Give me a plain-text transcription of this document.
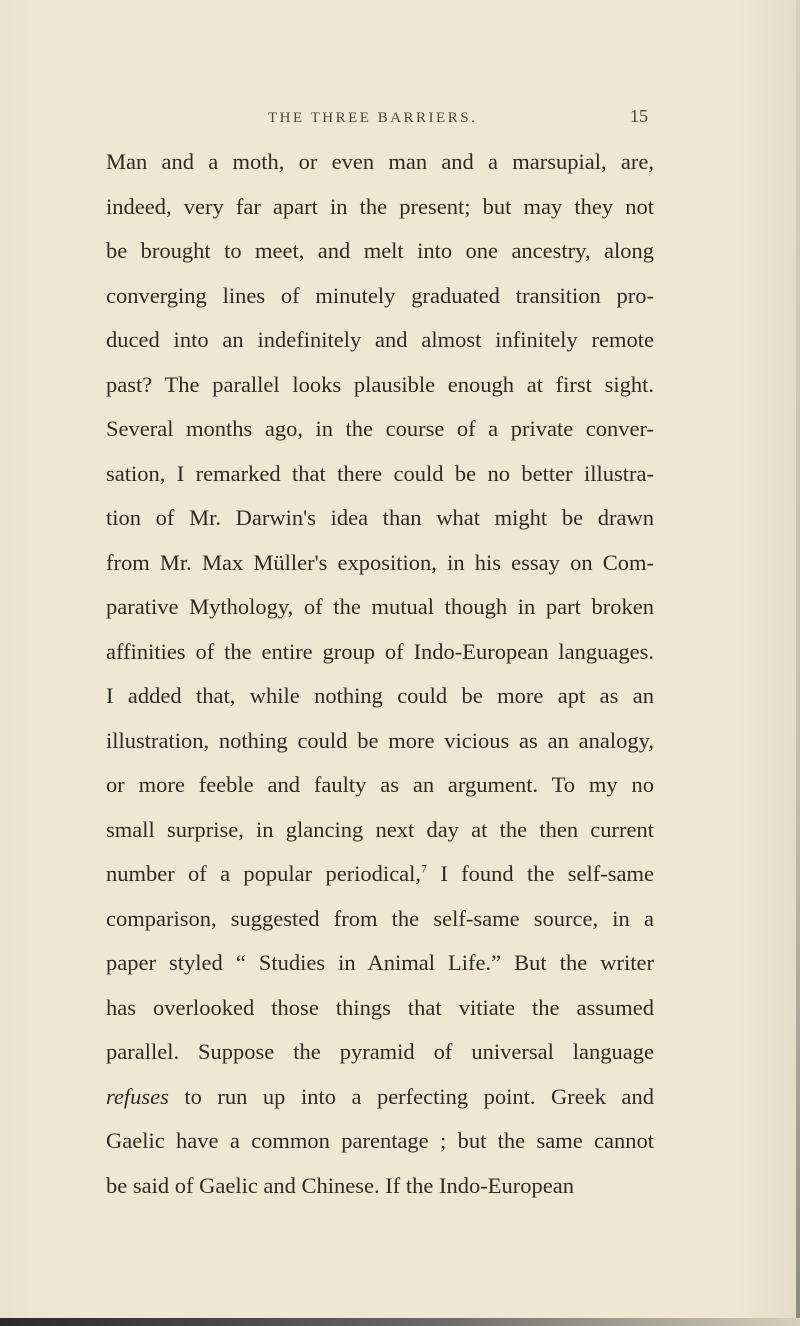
THE THREE BARRIERS.	15
Man and a moth, or even man and a marsupial, are,
indeed, very far apart in the present; but may they not
be brought to meet, and melt into one ancestry, along
converging lines of minutely graduated transition pro-
duced into an indefinitely and almost infinitely remote
past? The parallel looks plausible enough at first sight.
Several months ago, in the course of a private conver-
sation, I remarked that there could be no better illustra-
tion of Mr. Darwin's idea than what might be drawn
from Mr. Max Müller's exposition, in his essay on Com-
parative Mythology, of the mutual though in part broken
affinities of the entire group of Indo-European languages.
I added that, while nothing could be more apt as an
illustration, nothing could be more vicious as an analogy,
or more feeble and faulty as an argument. To my no
small surprise, in glancing next day at the then current
number of a popular periodical,$^7$ I found the self-same
comparison, suggested from the self-same source, in a
paper styled “ Studies in Animal Life.” But the writer
has overlooked those things that vitiate the assumed
parallel. Suppose the pyramid of universal language
refuses to run up into a perfecting point. Greek and
Gaelic have a common parentage ; but the same cannot
be said of Gaelic and Chinese. If the Indo-European
